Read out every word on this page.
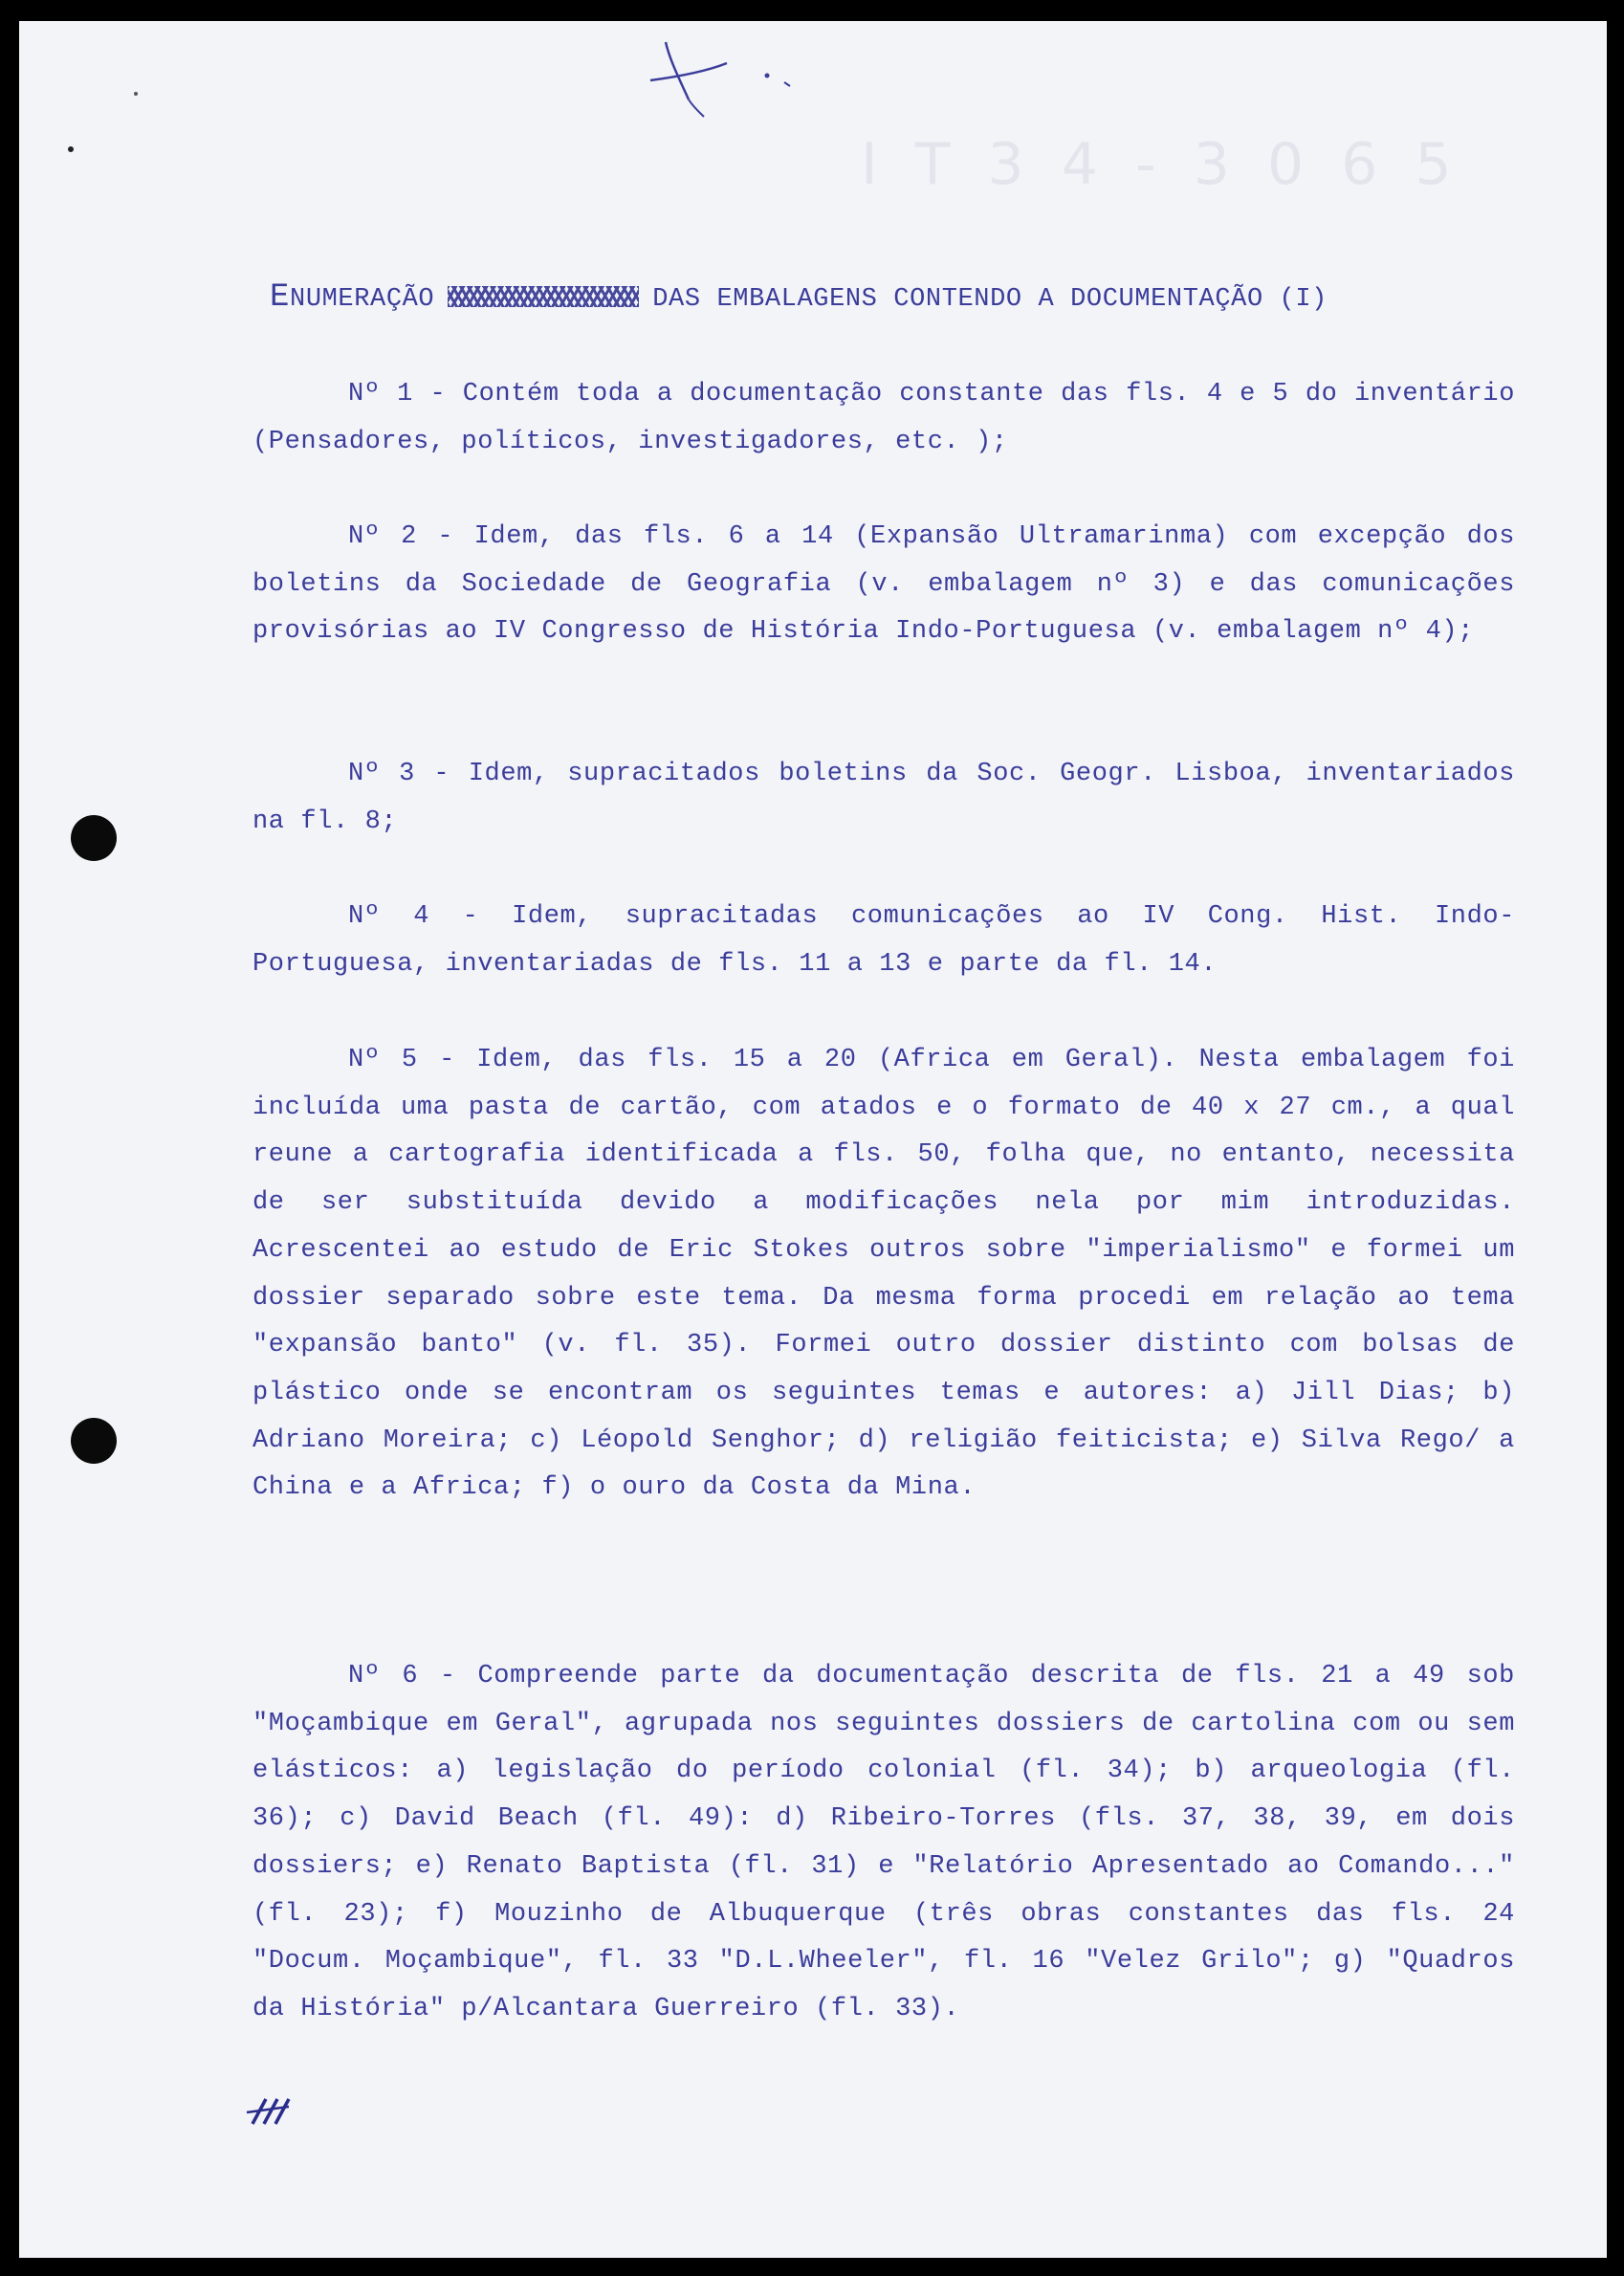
I T 3 4 - 3 0 6 5
ENUMERAÇÃO	DAS EMBALAGENS CONTENDO A DOCUMENTAÇÃO (I)

Nº 1 - Contém toda a documentação constante das fls. 4 e 5 do inventário (Pensadores, políticos, investigadores, etc. );

Nº 2 - Idem, das fls. 6 a 14 (Expansão Ultramarinma) com excepção dos boletins da Sociedade de Geografia (v. embalagem nº 3) e das comunicações provisórias ao IV Congresso de História Indo-Portuguesa (v. embalagem nº 4);

Nº 3 - Idem, supracitados boletins da Soc. Geogr. Lisboa, inventariados na fl. 8;

Nº 4 - Idem, supracitadas comunicações ao IV Cong. Hist. Indo-Portuguesa, inventariadas de fls. 11 a 13 e parte da fl. 14.

Nº 5 - Idem, das fls. 15 a 20 (Africa em Geral). Nesta embalagem foi incluída uma pasta de cartão, com atados e o formato de 40 x 27 cm., a qual reune a cartografia identificada a fls. 50, folha que, no entanto, necessita de ser substituída devido a modificações nela por mim introduzidas. Acrescentei ao estudo de Eric Stokes outros sobre "imperialismo" e formei um dossier separado sobre este tema. Da mesma forma procedi em relação ao tema "expansão banto" (v. fl. 35). Formei outro dossier distinto com bolsas de plástico onde se encontram os seguintes temas e autores: a) Jill Dias; b) Adriano Moreira; c) Léopold Senghor; d) religião feiticista; e) Silva Rego/ a China e a Africa; f) o ouro da Costa da Mina.

Nº 6 - Compreende parte da documentação descrita de fls. 21 a 49 sob "Moçambique em Geral", agrupada nos seguintes dossiers de cartolina com ou sem elásticos: a) legislação do período colonial (fl. 34); b) arqueologia (fl. 36); c) David Beach (fl. 49): d) Ribeiro-Torres (fls. 37, 38, 39, em dois dossiers; e) Renato Baptista (fl. 31) e "Relatório Apresentado ao Comando..." (fl. 23); f) Mouzinho de Albuquerque (três obras constantes das fls. 24 "Docum. Moçambique", fl. 33 "D.L.Wheeler", fl. 16 "Velez Grilo"; g) "Quadros da História" p/Alcantara Guerreiro (fl. 33).
